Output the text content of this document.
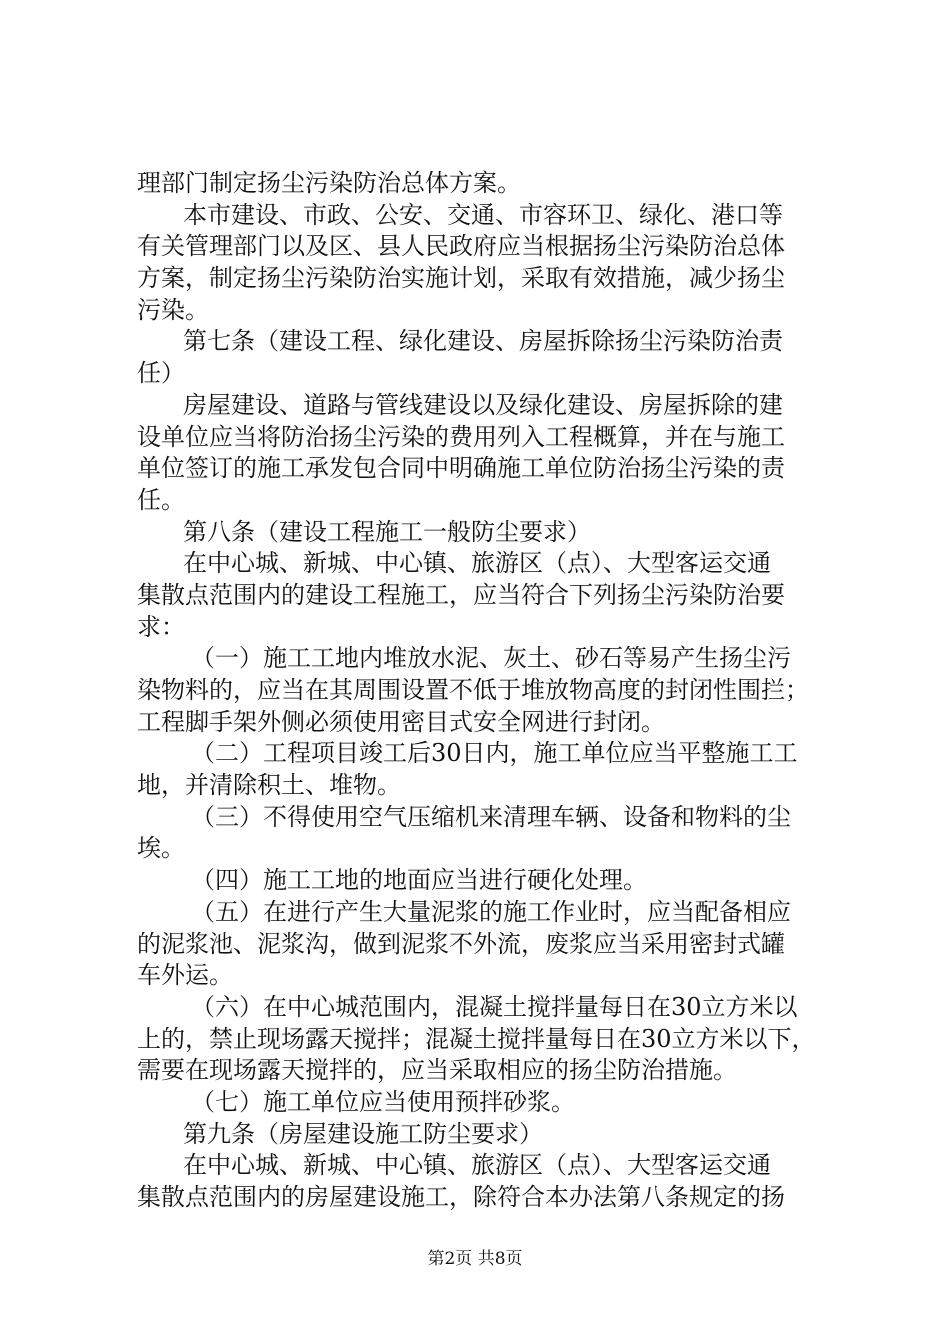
理部门制定扬尘污染防治总体方案。
本市建设、市政、公安、交通、市容环卫、绿化、港口等
有关管理部门以及区、县人民政府应当根据扬尘污染防治总体
方案，制定扬尘污染防治实施计划，采取有效措施，减少扬尘
污染。
第七条（建设工程、绿化建设、房屋拆除扬尘污染防治责
任）
房屋建设、道路与管线建设以及绿化建设、房屋拆除的建
设单位应当将防治扬尘污染的费用列入工程概算，并在与施工
单位签订的施工承发包合同中明确施工单位防治扬尘污染的责
任。
第八条（建设工程施工一般防尘要求）
在中心城、新城、中心镇、旅游区（点）、大型客运交通
集散点范围内的建设工程施工，应当符合下列扬尘污染防治要
求：
（一）施工工地内堆放水泥、灰土、砂石等易产生扬尘污
染物料的，应当在其周围设置不低于堆放物高度的封闭性围拦；
工程脚手架外侧必须使用密目式安全网进行封闭。
（二）工程项目竣工后30日内，施工单位应当平整施工工
地，并清除积土、堆物。
（三）不得使用空气压缩机来清理车辆、设备和物料的尘
埃。
（四）施工工地的地面应当进行硬化处理。
（五）在进行产生大量泥浆的施工作业时，应当配备相应
的泥浆池、泥浆沟，做到泥浆不外流，废浆应当采用密封式罐
车外运。
（六）在中心城范围内，混凝土搅拌量每日在30立方米以
上的，禁止现场露天搅拌；混凝土搅拌量每日在30立方米以下，
需要在现场露天搅拌的，应当采取相应的扬尘防治措施。
（七）施工单位应当使用预拌砂浆。
第九条（房屋建设施工防尘要求）
在中心城、新城、中心镇、旅游区（点）、大型客运交通
集散点范围内的房屋建设施工，除符合本办法第八条规定的扬
第2页 共8页
